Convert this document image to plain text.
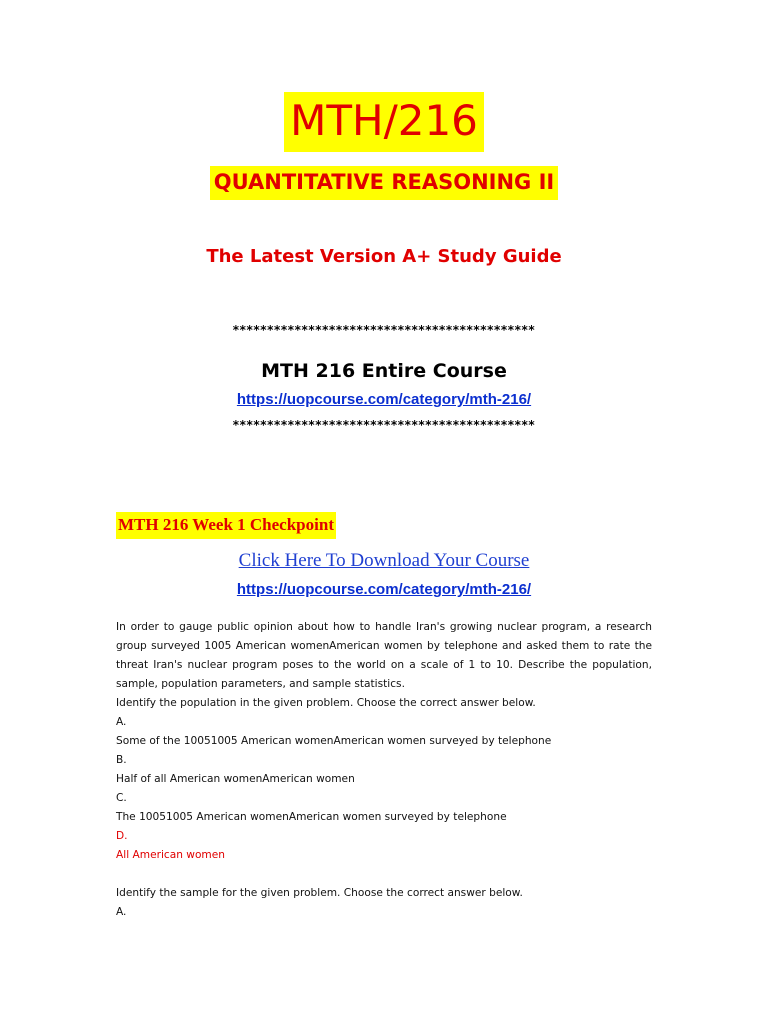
MTH/216
QUANTITATIVE REASONING II
The Latest Version A+ Study Guide
********************************************
MTH 216 Entire Course
https://uopcourse.com/category/mth-216/
********************************************
MTH 216 Week 1 Checkpoint
Click Here To Download Your Course
https://uopcourse.com/category/mth-216/

In order to gauge public opinion about how to handle Iran's growing nuclear program, a research group surveyed 1005 American womenAmerican women by telephone and asked them to rate the threat Iran's nuclear program poses to the world on a scale of 1 to 10. Describe the population, sample, population parameters, and sample statistics.

Identify the population in the given problem. Choose the correct answer below.

A.

Some of the 10051005 American womenAmerican women surveyed by telephone

B.

Half of all American womenAmerican women

C.

The 10051005 American womenAmerican women surveyed by telephone

D.

All American women

Identify the sample for the given problem. Choose the correct answer below.

A.
